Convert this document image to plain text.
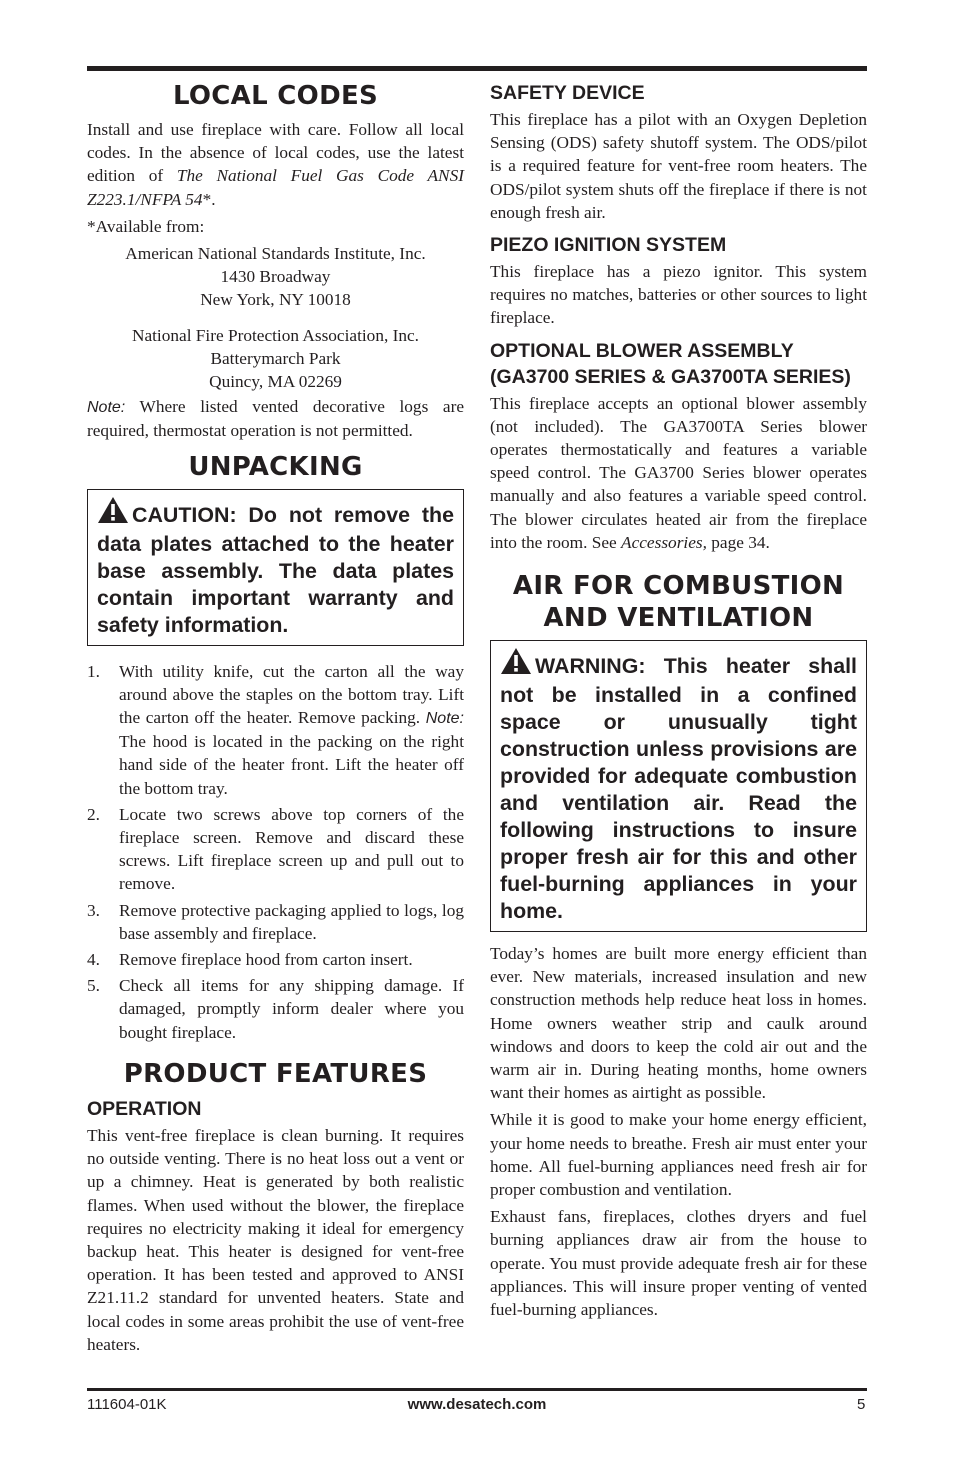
LOCAL CODES

Install and use fireplace with care. Follow all local codes. In the absence of local codes, use the latest edition of The National Fuel Gas Code ANSI Z223.1/NFPA 54*.

*Available from:

American National Standards Institute, Inc.
1430 Broadway
New York, NY 10018
National Fire Protection Association, Inc.
Batterymarch Park
Quincy, MA 02269

Note: Where listed vented decorative logs are required, thermostat operation is not permitted.

UNPACKING
CAUTION: Do not remove the data plates attached to the heater base assembly. The data plates contain important warranty and safety information.
1. With utility knife, cut the carton all the way around above the staples on the bottom tray. Lift the carton off the heater. Remove packing. Note: The hood is located in the packing on the right hand side of the heater front. Lift the heater off the bottom tray.
2. Locate two screws above top corners of the fireplace screen. Remove and discard these screws. Lift fireplace screen up and pull out to remove.
3. Remove protective packaging applied to logs, log base assembly and fireplace.
4. Remove fireplace hood from carton insert.
5. Check all items for any shipping damage. If damaged, promptly inform dealer where you bought fireplace.
PRODUCT FEATURES
OPERATION

This vent-free fireplace is clean burning. It requires no outside venting. There is no heat loss out a vent or up a chimney. Heat is generated by both realistic flames. When used without the blower, the fireplace requires no electricity making it ideal for emergency backup heat. This heater is designed for vent-free operation. It has been tested and approved to ANSI Z21.11.2 standard for unvented heaters. State and local codes in some areas prohibit the use of vent-free heaters.

SAFETY DEVICE

This fireplace has a pilot with an Oxygen Depletion Sensing (ODS) safety shutoff system. The ODS/pilot is a required feature for vent-free room heaters. The ODS/pilot system shuts off the fireplace if there is not enough fresh air.

PIEZO IGNITION SYSTEM

This fireplace has a piezo ignitor. This system requires no matches, batteries or other sources to light fireplace.

OPTIONAL BLOWER ASSEMBLY (GA3700 SERIES & GA3700TA SERIES)

This fireplace accepts an optional blower assembly (not included). The GA3700TA Series blower operates thermostatically and features a variable speed control. The GA3700 Series blower operates manually and also features a variable speed control. The blower circulates heated air from the fireplace into the room. See Accessories, page 34.

AIR FOR COMBUSTION
AND VENTILATION
WARNING: This heater shall not be installed in a confined space or unusually tight construction unless provisions are provided for adequate combustion and ventilation air. Read the following instructions to insure proper fresh air for this and other fuel-burning appliances in your home.

Today’s homes are built more energy efficient than ever. New materials, increased insulation and new construction methods help reduce heat loss in homes. Home owners weather strip and caulk around windows and doors to keep the cold air out and the warm air in. During heating months, home owners want their homes as airtight as possible.

While it is good to make your home energy efficient, your home needs to breathe. Fresh air must enter your home. All fuel-burning appliances need fresh air for proper combustion and ventilation.

Exhaust fans, fireplaces, clothes dryers and fuel burning appliances draw air from the house to operate. You must provide adequate fresh air for these appliances. This will insure proper venting of vented fuel-burning appliances.

111604-01K	www.desatech.com	5
